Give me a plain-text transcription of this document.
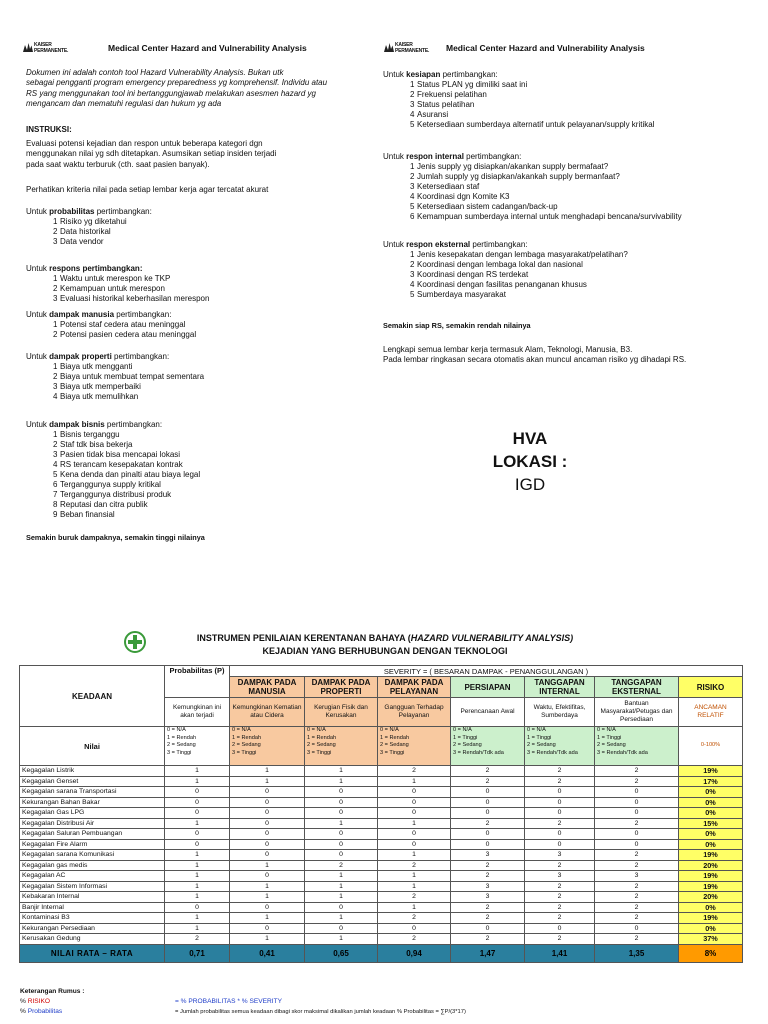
KAISER
PERMANENTE.	Medical Center Hazard and Vulnerability Analysis	KAISER
PERMANENTE. Medical Center Hazard and Vulnerability Analysis
Dokumen ini adalah contoh tool Hazard Vulnerability Analysis. Bukan utk
sebagai pengganti program emergency preparedness yg komprehensif. Individu atau
RS yang menggunakan tool ini bertanggungjawab melakukan asesmen hazard yg
mengancam dan mematuhi regulasi dan hukum yg ada
INSTRUKSI:
Evaluasi potensi kejadian dan respon untuk beberapa kategori dgn
menggunakan nilai yg sdh ditetapkan. Asumsikan setiap insiden terjadi
pada saat waktu terburuk (cth. saat pasien banyak).
Perhatikan kriteria nilai pada setiap lembar kerja agar tercatat akurat
Untuk probabilitas pertimbangkan:
1 Risiko yg diketahui
2 Data historikal
3 Data vendor
Untuk respons pertimbangkan:
1 Waktu untuk merespon ke TKP
2 Kemampuan untuk merespon
3 Evaluasi historikal keberhasilan merespon
Untuk dampak manusia pertimbangkan:
1 Potensi staf cedera atau meninggal
2 Potensi pasien cedera atau meninggal
Untuk dampak properti pertimbangkan:
1 Biaya utk mengganti
2 Biaya untuk membuat tempat sementara
3 Biaya utk memperbaiki
4 Biaya utk memulihkan
Untuk dampak bisnis pertimbangkan:
1 Bisnis terganggu
2 Staf tdk bisa bekerja
3 Pasien tidak bisa mencapai lokasi
4 RS terancam kesepakatan kontrak
5 Kena denda dan pinalti atau biaya legal
6 Terganggunya supply kritikal
7 Terganggunya distribusi produk
8 Reputasi dan citra publik
9 Beban finansial
Semakin buruk dampaknya, semakin tinggi nilainya
Untuk kesiapan pertimbangkan:
1 Status PLAN yg dimiliki saat ini
2 Frekuensi pelatihan
3 Status pelatihan
4 Asuransi
5 Ketersediaan sumberdaya alternatif untuk pelayanan/supply kritikal
Untuk respon internal pertimbangkan:
1 Jenis supply yg disiapkan/akankan supply bermafaat?
2 Jumlah supply yg disiapkan/akankah supply bermanfaat?
3 Ketersediaan staf
4 Koordinasi dgn Komite K3
5 Ketersediaan sistem cadangan/back-up
6 Kemampuan sumberdaya internal untuk menghadapi bencana/survivability
Untuk respon eksternal pertimbangkan:
1 Jenis kesepakatan dengan lembaga masyarakat/pelatihan?
2 Koordinasi dengan lembaga lokal dan nasional
3 Koordinasi dengan RS terdekat
4 Koordinasi dengan fasilitas penanganan khusus
5 Sumberdaya masyarakat
Semakin siap RS, semakin rendah nilainya
Lengkapi semua lembar kerja termasuk Alam, Teknologi, Manusia, B3.
Pada lembar ringkasan secara otomatis akan muncul ancaman risiko yg dihadapi RS.
HVA
LOKASI :
IGD
INSTRUMEN PENILAIAN KERENTANAN BAHAYA (HAZARD VULNERABILITY ANALYSIS)
KEJADIAN YANG BERHUBUNGAN DENGAN TEKNOLOGI
KEADAAN	Probabilitas (P)	SEVERITY = ( BESARAN DAMPAK - PENANGGULANGAN )						
		DAMPAK PADA MANUSIA	DAMPAK PADA PROPERTI	DAMPAK PADA PELAYANAN	PERSIAPAN	TANGGAPAN INTERNAL	TANGGAPAN EKSTERNAL	RISIKO
	Kemungkinan ini akan terjadi	Kemungkinan Kematian atau Cidera	Kerugian Fisik dan Kerusakan	Gangguan Terhadap Pelayanan	Perencanaan Awal	Waktu, Efektifitas, Sumberdaya	Bantuan Masyarakat/Petugas dan Persediaan	ANCAMAN RELATIF
Nilai	0 = N/A
1 = Rendah
2 = Sedang
3 = Tinggi	0 = N/A
1 = Rendah
2 = Sedang
3 = Tinggi	0 = N/A
1 = Rendah
2 = Sedang
3 = Tinggi	0 = N/A
1 = Rendah
2 = Sedang
3 = Tinggi	0 = N/A
1 = Tinggi
2 = Sedang
3 = Rendah/Tdk ada	0 = N/A
1 = Tinggi
2 = Sedang
3 = Rendah/Tdk ada	0 = N/A
1 = Tinggi
2 = Sedang
3 = Rendah/Tdk ada	0-100%
Kegagalan Listrik	1	1	1	2	2	2	2	19%
Kegagalan Genset	1	1	1	1	2	2	2	17%
Kegagalan sarana Transportasi	0	0	0	0	0	0	0	0%
Kekurangan Bahan Bakar	0	0	0	0	0	0	0	0%
Kegagalan Gas LPG	0	0	0	0	0	0	0	0%
Kegagalan Distribusi Air	1	0	1	1	2	2	2	15%
Kegagalan Saluran Pembuangan	0	0	0	0	0	0	0	0%
Kegagalan Fire Alarm	0	0	0	0	0	0	0	0%
Kegagalan sarana Komunikasi	1	0	0	1	3	3	2	19%
Kegagalan gas medis	1	1	2	2	2	2	2	20%
Kegagalan AC	1	0	1	1	2	3	3	19%
Kegagalan Sistem Informasi	1	1	1	1	3	2	2	19%
Kebakaran Internal	1	1	1	2	3	2	2	20%
Banjir Internal	0	0	0	1	2	2	2	0%
Kontaminasi B3	1	1	1	2	2	2	2	19%
Kekurangan Persediaan	1	0	0	0	0	0	0	0%
Kerusakan Gedung	2	1	1	2	2	2	2	37%
NILAI RATA – RATA	0,71	0,41	0,65	0,94	1,47	1,41	1,35	8%
Keterangan Rumus :
% RISIKO
% Probabilitas
= % PROBABILITAS * % SEVERITY
= Jumlah probabilitas semua keadaan dibagi skor maksimal dikalikan jumlah keadaan % Probabilitas = ∑P/(3*17)
